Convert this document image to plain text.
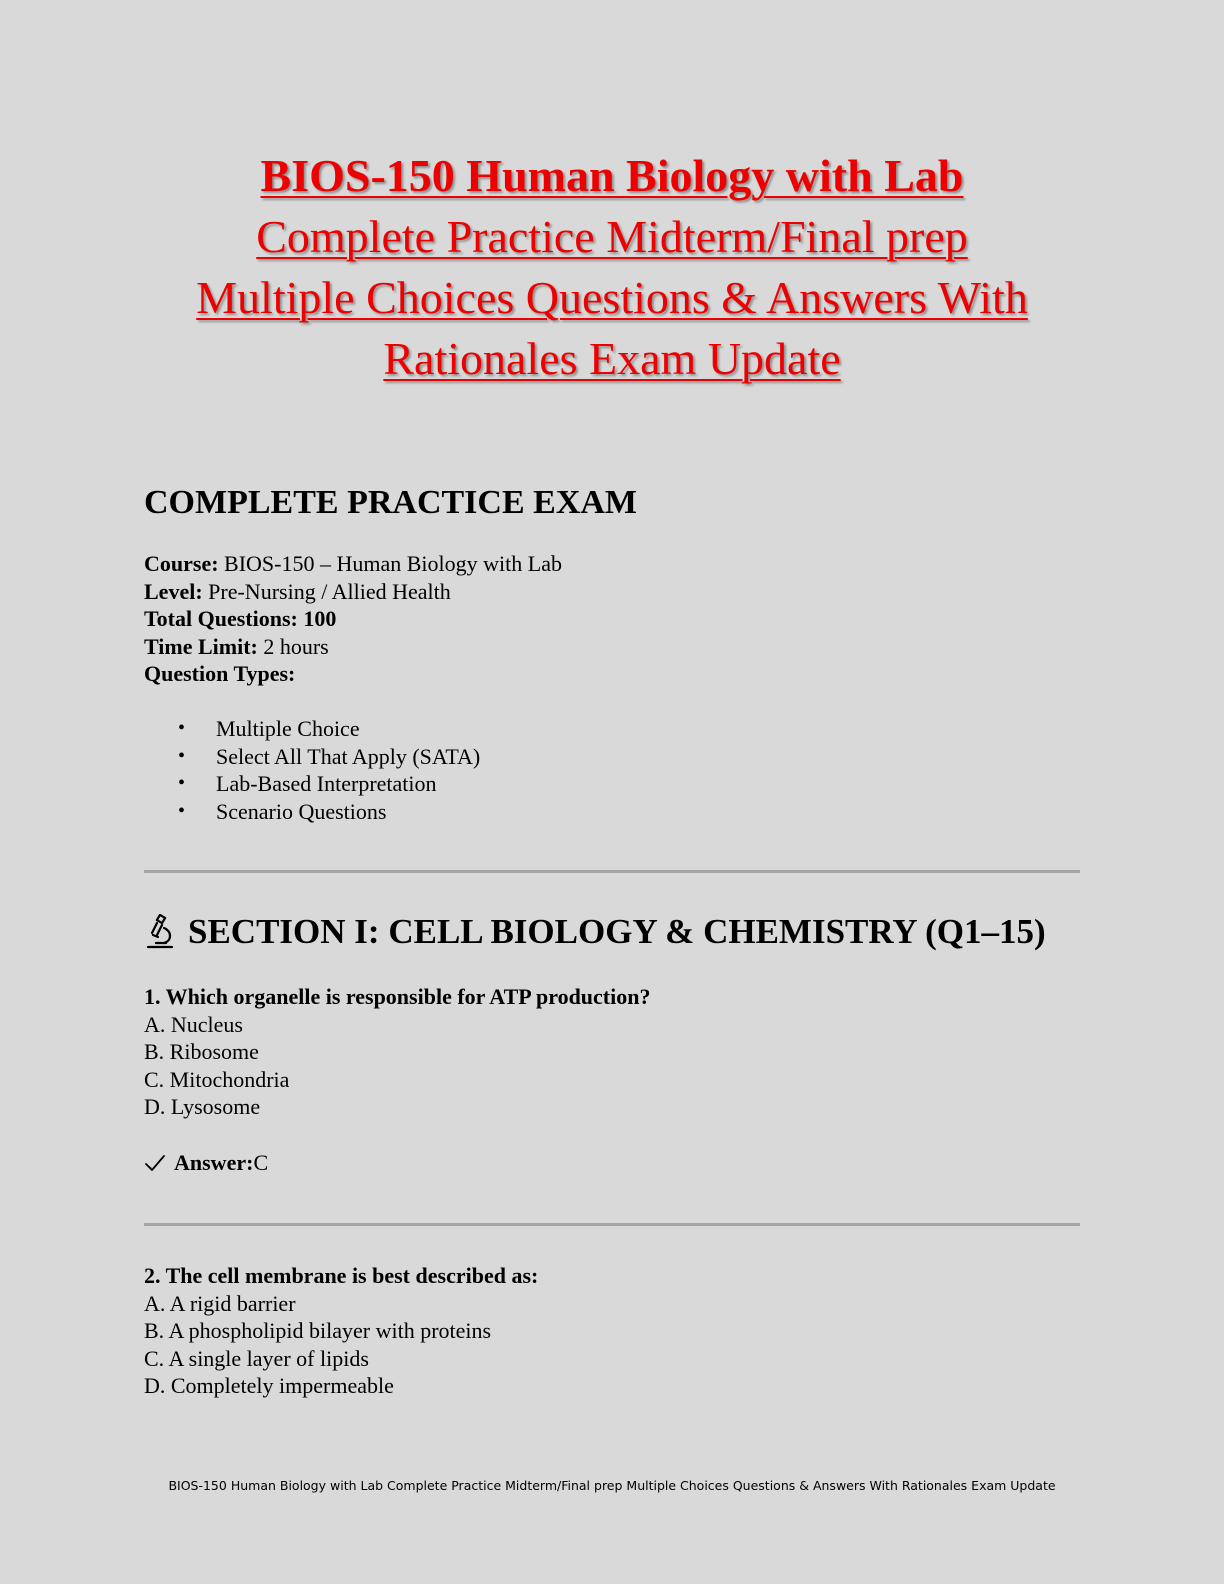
BIOS-150 Human Biology with Lab
Complete Practice Midterm/Final prep
Multiple Choices Questions & Answers With
Rationales Exam Update
COMPLETE PRACTICE EXAM
Course: BIOS-150 – Human Biology with Lab
Level: Pre-Nursing / Allied Health
Total Questions: 100
Time Limit: 2 hours
Question Types:
• Multiple Choice
• Select All That Apply (SATA)
• Lab-Based Interpretation
• Scenario Questions
SECTION I: CELL BIOLOGY & CHEMISTRY (Q1–15)
1. Which organelle is responsible for ATP production?
A. Nucleus
B. Ribosome
C. Mitochondria
D. Lysosome
Answer: C
2. The cell membrane is best described as:
A. A rigid barrier
B. A phospholipid bilayer with proteins
C. A single layer of lipids
D. Completely impermeable
BIOS-150 Human Biology with Lab Complete Practice Midterm/Final prep Multiple Choices Questions & Answers With Rationales Exam Update
